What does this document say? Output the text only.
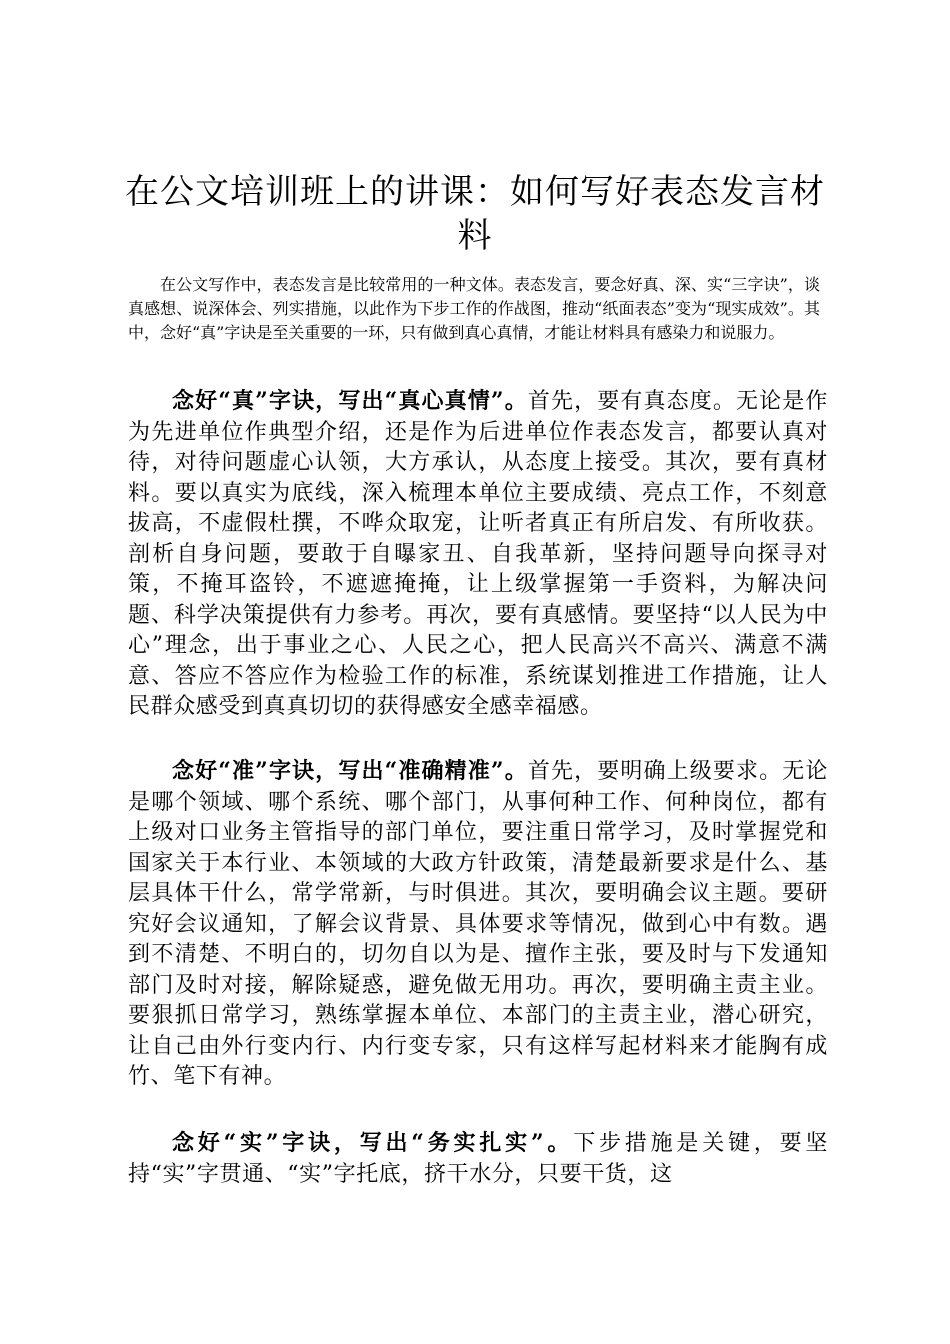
在公文培训班上的讲课：如何写好表态发言材料

在公文写作中，表态发言是比较常用的一种文体。表态发言，要念好真、深、实“三字诀”，谈真感想、说深体会、列实措施，以此作为下步工作的作战图，推动“纸面表态”变为“现实成效”。其中，念好“真”字诀是至关重要的一环，只有做到真心真情，才能让材料具有感染力和说服力。

念好“真”字诀，写出“真心真情”。首先，要有真态度。无论是作为先进单位作典型介绍，还是作为后进单位作表态发言，都要认真对待，对待问题虚心认领，大方承认，从态度上接受。其次，要有真材料。要以真实为底线，深入梳理本单位主要成绩、亮点工作，不刻意拔高，不虚假杜撰，不哗众取宠，让听者真正有所启发、有所收获。剖析自身问题，要敢于自曝家丑、自我革新，坚持问题导向探寻对策，不掩耳盗铃，不遮遮掩掩，让上级掌握第一手资料，为解决问题、科学决策提供有力参考。再次，要有真感情。要坚持“以人民为中心”理念，出于事业之心、人民之心，把人民高兴不高兴、满意不满意、答应不答应作为检验工作的标准，系统谋划推进工作措施，让人民群众感受到真真切切的获得感安全感幸福感。

念好“准”字诀，写出“准确精准”。首先，要明确上级要求。无论是哪个领域、哪个系统、哪个部门，从事何种工作、何种岗位，都有上级对口业务主管指导的部门单位，要注重日常学习，及时掌握党和国家关于本行业、本领域的大政方针政策，清楚最新要求是什么、基层具体干什么，常学常新，与时俱进。其次，要明确会议主题。要研究好会议通知，了解会议背景、具体要求等情况，做到心中有数。遇到不清楚、不明白的，切勿自以为是、擅作主张，要及时与下发通知部门及时对接，解除疑惑，避免做无用功。再次，要明确主责主业。要狠抓日常学习，熟练掌握本单位、本部门的主责主业，潜心研究，让自己由外行变内行、内行变专家，只有这样写起材料来才能胸有成竹、笔下有神。

念好“实”字诀，写出“务实扎实”。下步措施是关键，要坚持“实”字贯通、“实”字托底，挤干水分，只要干货，这
